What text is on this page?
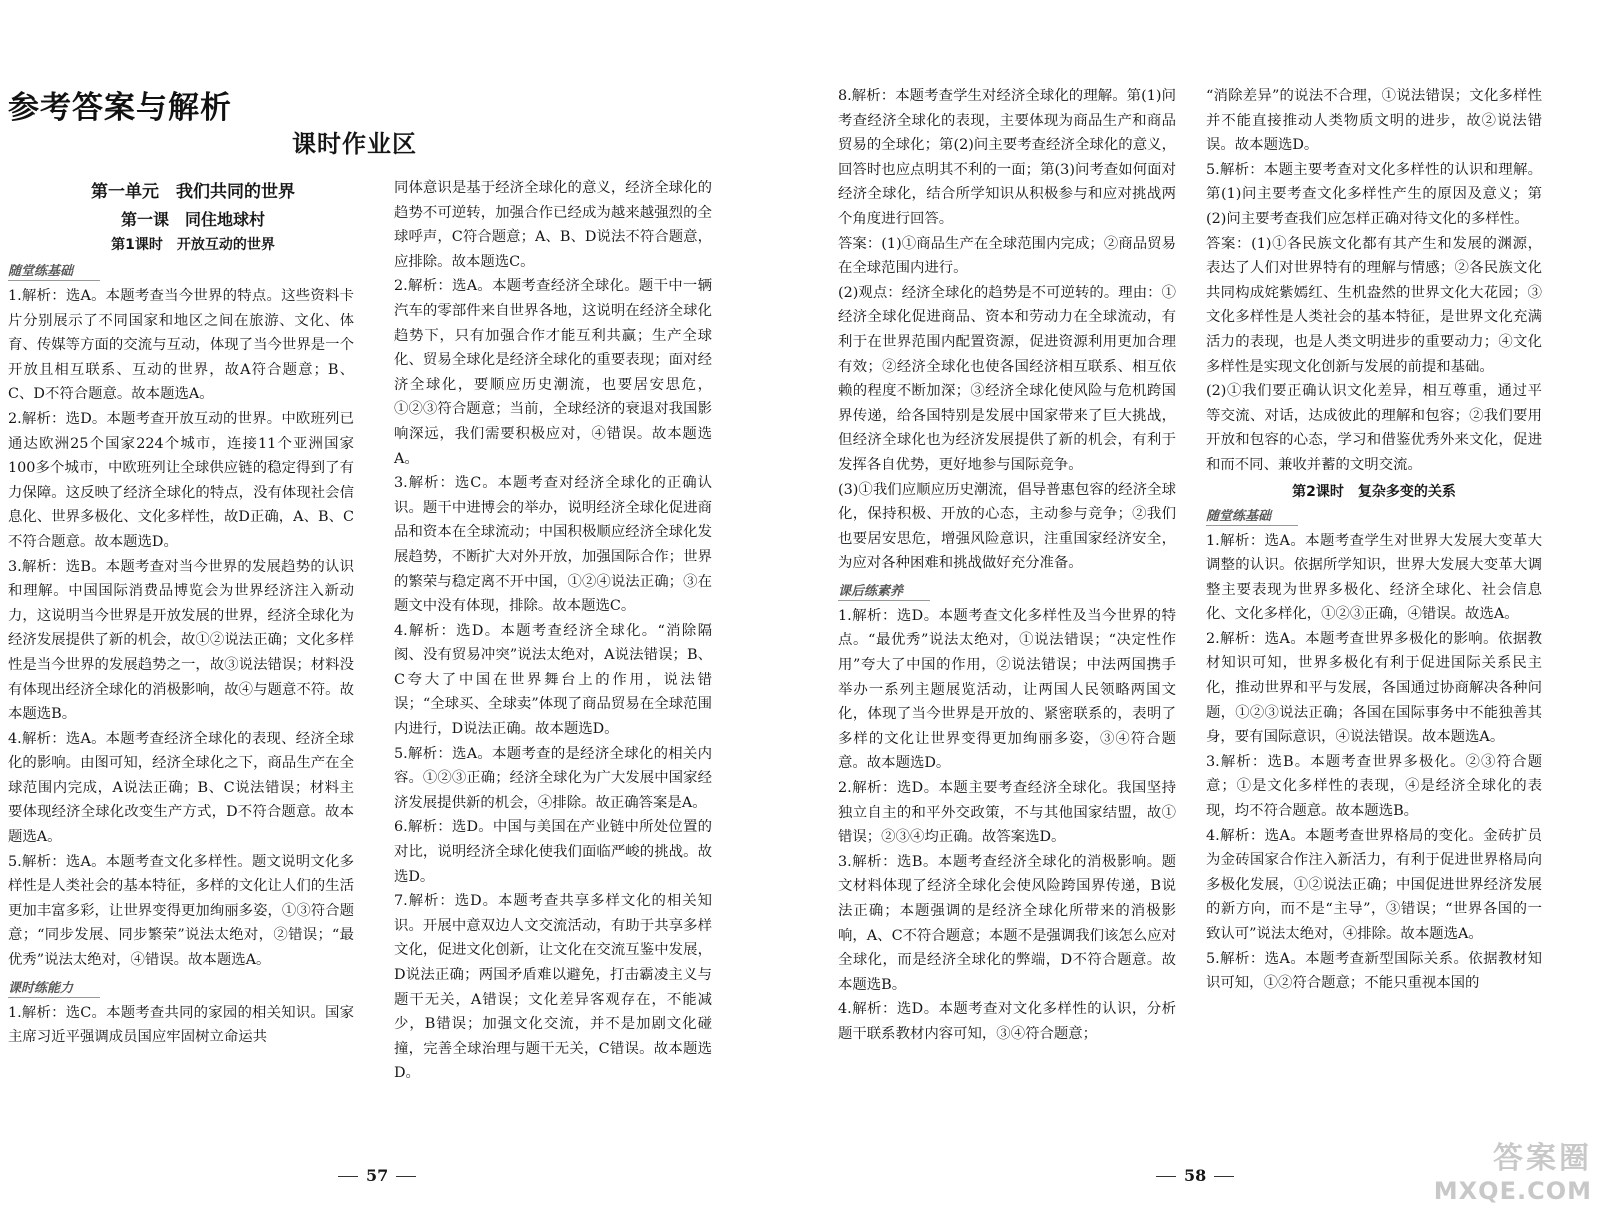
参考答案与解析
课时作业区
第一单元　我们共同的世界
第一课　同住地球村
第1课时　开放互动的世界
随堂练基础

1.解析：选A。本题考查当今世界的特点。这些资料卡片分别展示了不同国家和地区之间在旅游、文化、体育、传媒等方面的交流与互动，体现了当今世界是一个开放且相互联系、互动的世界，故A符合题意；B、C、D不符合题意。故本题选A。

2.解析：选D。本题考查开放互动的世界。中欧班列已通达欧洲25个国家224个城市，连接11个亚洲国家100多个城市，中欧班列让全球供应链的稳定得到了有力保障。这反映了经济全球化的特点，没有体现社会信息化、世界多极化、文化多样性，故D正确，A、B、C不符合题意。故本题选D。

3.解析：选B。本题考查对当今世界的发展趋势的认识和理解。中国国际消费品博览会为世界经济注入新动力，这说明当今世界是开放发展的世界，经济全球化为经济发展提供了新的机会，故①②说法正确；文化多样性是当今世界的发展趋势之一，故③说法错误；材料没有体现出经济全球化的消极影响，故④与题意不符。故本题选B。

4.解析：选A。本题考查经济全球化的表现、经济全球化的影响。由图可知，经济全球化之下，商品生产在全球范围内完成，A说法正确；B、C说法错误；材料主要体现经济全球化改变生产方式，D不符合题意。故本题选A。

5.解析：选A。本题考查文化多样性。题文说明文化多样性是人类社会的基本特征，多样的文化让人们的生活更加丰富多彩，让世界变得更加绚丽多姿，①③符合题意；“同步发展、同步繁荣”说法太绝对，②错误；“最优秀”说法太绝对，④错误。故本题选A。

课时练能力

1.解析：选C。本题考查共同的家园的相关知识。国家主席习近平强调成员国应牢固树立命运共

同体意识是基于经济全球化的意义，经济全球化的趋势不可逆转，加强合作已经成为越来越强烈的全球呼声，C符合题意；A、B、D说法不符合题意，应排除。故本题选C。

2.解析：选A。本题考查经济全球化。题干中一辆汽车的零部件来自世界各地，这说明在经济全球化趋势下，只有加强合作才能互利共赢；生产全球化、贸易全球化是经济全球化的重要表现；面对经济全球化，要顺应历史潮流，也要居安思危，①②③符合题意；当前，全球经济的衰退对我国影响深远，我们需要积极应对，④错误。故本题选A。

3.解析：选C。本题考查对经济全球化的正确认识。题干中进博会的举办，说明经济全球化促进商品和资本在全球流动；中国积极顺应经济全球化发展趋势，不断扩大对外开放，加强国际合作；世界的繁荣与稳定离不开中国，①②④说法正确；③在题文中没有体现，排除。故本题选C。

4.解析：选D。本题考查经济全球化。“消除隔阂、没有贸易冲突”说法太绝对，A说法错误；B、C夸大了中国在世界舞台上的作用，说法错误；“全球买、全球卖”体现了商品贸易在全球范围内进行，D说法正确。故本题选D。

5.解析：选A。本题考查的是经济全球化的相关内容。①②③正确；经济全球化为广大发展中国家经济发展提供新的机会，④排除。故正确答案是A。

6.解析：选D。中国与美国在产业链中所处位置的对比，说明经济全球化使我们面临严峻的挑战。故选D。

7.解析：选D。本题考查共享多样文化的相关知识。开展中意双边人文交流活动，有助于共享多样文化，促进文化创新，让文化在交流互鉴中发展，D说法正确；两国矛盾难以避免，打击霸凌主义与题干无关，A错误；文化差异客观存在，不能减少，B错误；加强文化交流，并不是加剧文化碰撞，完善全球治理与题干无关，C错误。故本题选D。

57

8.解析：本题考查学生对经济全球化的理解。第(1)问考查经济全球化的表现，主要体现为商品生产和商品贸易的全球化；第(2)问主要考查经济全球化的意义，回答时也应点明其不利的一面；第(3)问考查如何面对经济全球化，结合所学知识从积极参与和应对挑战两个角度进行回答。

答案：(1)①商品生产在全球范围内完成；②商品贸易在全球范围内进行。

(2)观点：经济全球化的趋势是不可逆转的。理由：①经济全球化促进商品、资本和劳动力在全球流动，有利于在世界范围内配置资源，促进资源利用更加合理有效；②经济全球化也使各国经济相互联系、相互依赖的程度不断加深；③经济全球化使风险与危机跨国界传递，给各国特别是发展中国家带来了巨大挑战，但经济全球化也为经济发展提供了新的机会，有利于发挥各自优势，更好地参与国际竞争。

(3)①我们应顺应历史潮流，倡导普惠包容的经济全球化，保持积极、开放的心态，主动参与竞争；②我们也要居安思危，增强风险意识，注重国家经济安全，为应对各种困难和挑战做好充分准备。

课后练素养

1.解析：选D。本题考查文化多样性及当今世界的特点。“最优秀”说法太绝对，①说法错误；“决定性作用”夸大了中国的作用，②说法错误；中法两国携手举办一系列主题展览活动，让两国人民领略两国文化，体现了当今世界是开放的、紧密联系的，表明了多样的文化让世界变得更加绚丽多姿，③④符合题意。故本题选D。

2.解析：选D。本题主要考查经济全球化。我国坚持独立自主的和平外交政策，不与其他国家结盟，故①错误；②③④均正确。故答案选D。

3.解析：选B。本题考查经济全球化的消极影响。题文材料体现了经济全球化会使风险跨国界传递，B说法正确；本题强调的是经济全球化所带来的消极影响，A、C不符合题意；本题不是强调我们该怎么应对全球化，而是经济全球化的弊端，D不符合题意。故本题选B。

4.解析：选D。本题考查对文化多样性的认识，分析题干联系教材内容可知，③④符合题意；

“消除差异”的说法不合理，①说法错误；文化多样性并不能直接推动人类物质文明的进步，故②说法错误。故本题选D。

5.解析：本题主要考查对文化多样性的认识和理解。第(1)问主要考查文化多样性产生的原因及意义；第(2)问主要考查我们应怎样正确对待文化的多样性。

答案：(1)①各民族文化都有其产生和发展的渊源，表达了人们对世界特有的理解与情感；②各民族文化共同构成姹紫嫣红、生机盎然的世界文化大花园；③文化多样性是人类社会的基本特征，是世界文化充满活力的表现，也是人类文明进步的重要动力；④文化多样性是实现文化创新与发展的前提和基础。

(2)①我们要正确认识文化差异，相互尊重，通过平等交流、对话，达成彼此的理解和包容；②我们要用开放和包容的心态，学习和借鉴优秀外来文化，促进和而不同、兼收并蓄的文明交流。

第2课时　复杂多变的关系
随堂练基础

1.解析：选A。本题考查学生对世界大发展大变革大调整的认识。依据所学知识，世界大发展大变革大调整主要表现为世界多极化、经济全球化、社会信息化、文化多样化，①②③正确，④错误。故选A。

2.解析：选A。本题考查世界多极化的影响。依据教材知识可知，世界多极化有利于促进国际关系民主化，推动世界和平与发展，各国通过协商解决各种问题，①②③说法正确；各国在国际事务中不能独善其身，要有国际意识，④说法错误。故本题选A。

3.解析：选B。本题考查世界多极化。②③符合题意；①是文化多样性的表现，④是经济全球化的表现，均不符合题意。故本题选B。

4.解析：选A。本题考查世界格局的变化。金砖扩员为金砖国家合作注入新活力，有利于促进世界格局向多极化发展，①②说法正确；中国促进世界经济发展的新方向，而不是“主导”，③错误；“世界各国的一致认可”说法太绝对，④排除。故本题选A。

5.解析：选A。本题考查新型国际关系。依据教材知识可知，①②符合题意；不能只重视本国的

58	答案圈
MXQE.COM
